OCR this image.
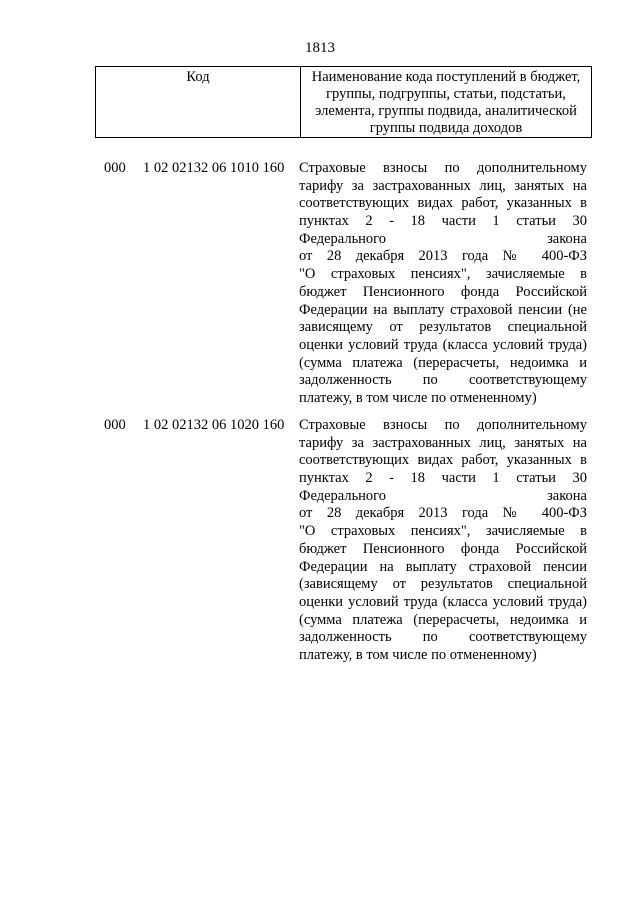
1813
Код	Наименование кода поступлений в бюджет,
группы, подгруппы, статьи, подстатьи,
элемента, группы подвида, аналитической
группы подвида доходов
000 1 02 02132 06 1010 160 Страховые взносы по дополнительному
тарифу за застрахованных лиц, занятых на
соответствующих видах работ, указанных в
пунктах 2 - 18 части 1 статьи 30
Федерального закона
от 28 декабря 2013 года № 400-ФЗ
"О страховых пенсиях", зачисляемые в
бюджет Пенсионного фонда Российской
Федерации на выплату страховой пенсии (не
зависящему от результатов специальной
оценки условий труда (класса условий труда)
(сумма платежа (перерасчеты, недоимка и
задолженность по соответствующему
платежу, в том числе по отмененному)
000 1 02 02132 06 1020 160 Страховые взносы по дополнительному
тарифу за застрахованных лиц, занятых на
соответствующих видах работ, указанных в
пунктах 2 - 18 части 1 статьи 30
Федерального закона
от 28 декабря 2013 года № 400-ФЗ
"О страховых пенсиях", зачисляемые в
бюджет Пенсионного фонда Российской
Федерации на выплату страховой пенсии
(зависящему от результатов специальной
оценки условий труда (класса условий труда)
(сумма платежа (перерасчеты, недоимка и
задолженность по соответствующему
платежу, в том числе по отмененному)
